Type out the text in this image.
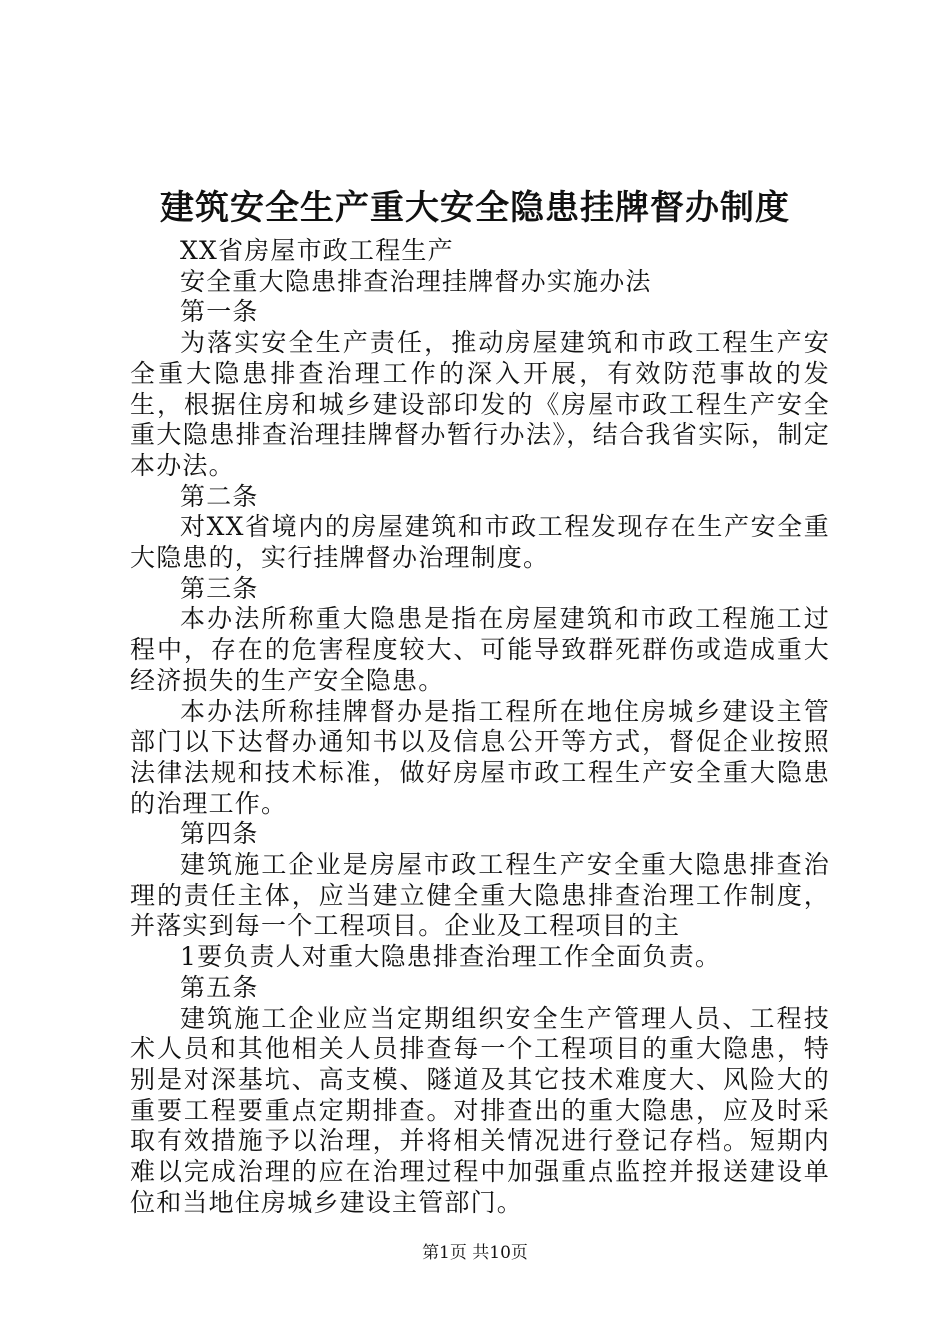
建筑安全生产重大安全隐患挂牌督办制度

XX省房屋市政工程生产

安全重大隐患排查治理挂牌督办实施办法

第一条

为落实安全生产责任，推动房屋建筑和市政工程生产安全重大隐患排查治理工作的深入开展，有效防范事故的发生，根据住房和城乡建设部印发的《房屋市政工程生产安全重大隐患排查治理挂牌督办暂行办法》，结合我省实际，制定本办法。

第二条

对XX省境内的房屋建筑和市政工程发现存在生产安全重大隐患的，实行挂牌督办治理制度。

第三条

本办法所称重大隐患是指在房屋建筑和市政工程施工过程中，存在的危害程度较大、可能导致群死群伤或造成重大经济损失的生产安全隐患。

本办法所称挂牌督办是指工程所在地住房城乡建设主管部门以下达督办通知书以及信息公开等方式，督促企业按照法律法规和技术标准，做好房屋市政工程生产安全重大隐患的治理工作。

第四条

建筑施工企业是房屋市政工程生产安全重大隐患排查治理的责任主体，应当建立健全重大隐患排查治理工作制度，并落实到每一个工程项目。企业及工程项目的主

1要负责人对重大隐患排查治理工作全面负责。

第五条

建筑施工企业应当定期组织安全生产管理人员、工程技术人员和其他相关人员排查每一个工程项目的重大隐患，特别是对深基坑、高支模、隧道及其它技术难度大、风险大的重要工程要重点定期排查。对排查出的重大隐患，应及时采取有效措施予以治理，并将相关情况进行登记存档。短期内难以完成治理的应在治理过程中加强重点监控并报送建设单位和当地住房城乡建设主管部门。

第1页 共10页
